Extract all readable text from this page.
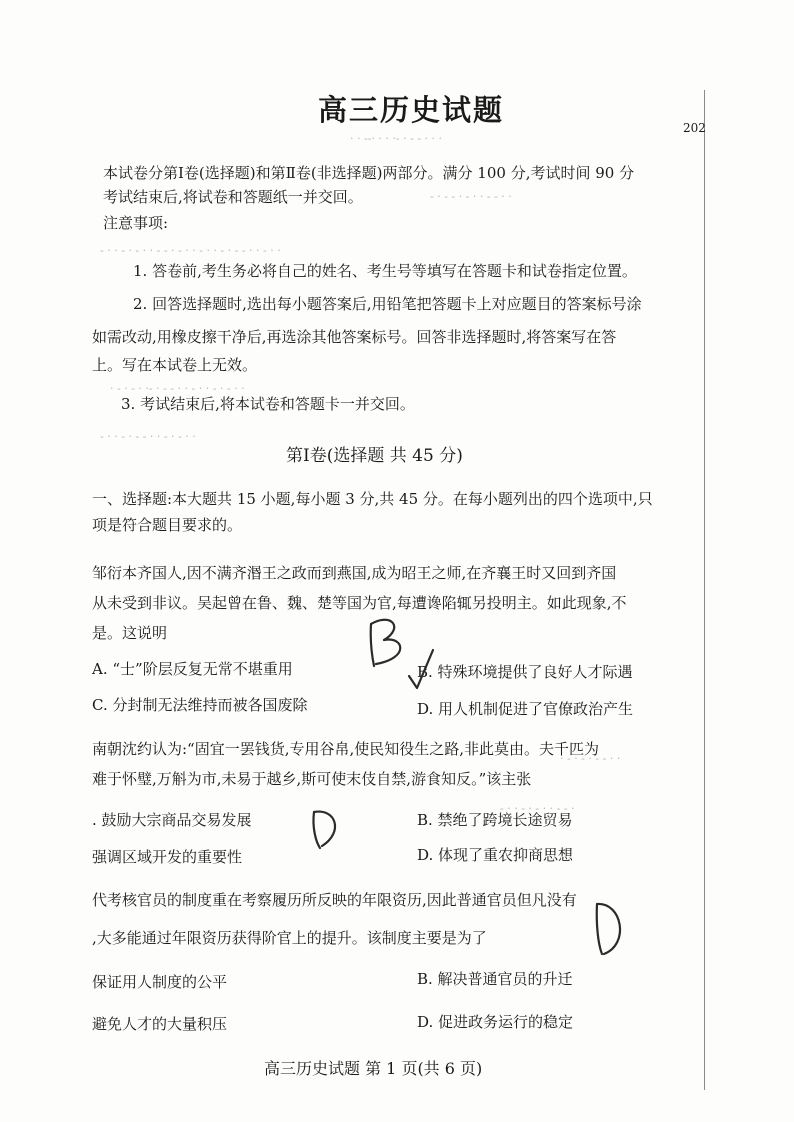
· · ‑‑· · · ·‑ · ‑ ‑ · · ·
‑ · ‑ ‑ · ‑ · · ‑ ‑ · ·
‑ · · ‑ · ‑ · · ‑ ‑ · ‑ · · ‑ · · ‑ · ‑ ‑ · · ‑ · ·
· ‑ · ‑ · ·‑ · ‑ ‑ · · ‑ · · ‑ · ‑ · ·
‑ · · ‑ · ‑ ‑ · · ‑ · ‑ · ·
· ‑ · ‑ · ‑ ‑ · ·
‑ · · ‑ · ‑ · · ‑ ‑ ·
高三历史试题
202
本试卷分第Ⅰ卷(选择题)和第Ⅱ卷(非选择题)两部分。满分 100 分,考试时间 90 分
考试结束后,将试卷和答题纸一并交回。
注意事项:
1. 答卷前,考生务必将自己的姓名、考生号等填写在答题卡和试卷指定位置。
2. 回答选择题时,选出每小题答案后,用铅笔把答题卡上对应题目的答案标号涂
如需改动,用橡皮擦干净后,再选涂其他答案标号。回答非选择题时,将答案写在答
上。写在本试卷上无效。
3. 考试结束后,将本试卷和答题卡一并交回。
第Ⅰ卷(选择题 共 45 分)
一、选择题:本大题共 15 小题,每小题 3 分,共 45 分。在每小题列出的四个选项中,只
项是符合题目要求的。
邹衍本齐国人,因不满齐湣王之政而到燕国,成为昭王之师,在齐襄王时又回到齐国
从未受到非议。吴起曾在鲁、魏、楚等国为官,每遭谗陷辄另投明主。如此现象,不
是。这说明
A. “士”阶层反复无常不堪重用	B. 特殊环境提供了良好人才际遇
C. 分封制无法维持而被各国废除	D. 用人机制促进了官僚政治产生
南朝沈约认为:“固宜一罢钱货,专用谷帛,使民知役生之路,非此莫由。夫千匹为
难于怀璧,万斛为市,未易于越乡,斯可使末伎自禁,游食知反。”该主张
. 鼓励大宗商品交易发展	B. 禁绝了跨境长途贸易
强调区域开发的重要性	D. 体现了重农抑商思想
代考核官员的制度重在考察履历所反映的年限资历,因此普通官员但凡没有
,大多能通过年限资历获得阶官上的提升。该制度主要是为了
保证用人制度的公平	B. 解决普通官员的升迁
避免人才的大量积压	D. 促进政务运行的稳定
高三历史试题 第 1 页(共 6 页)
